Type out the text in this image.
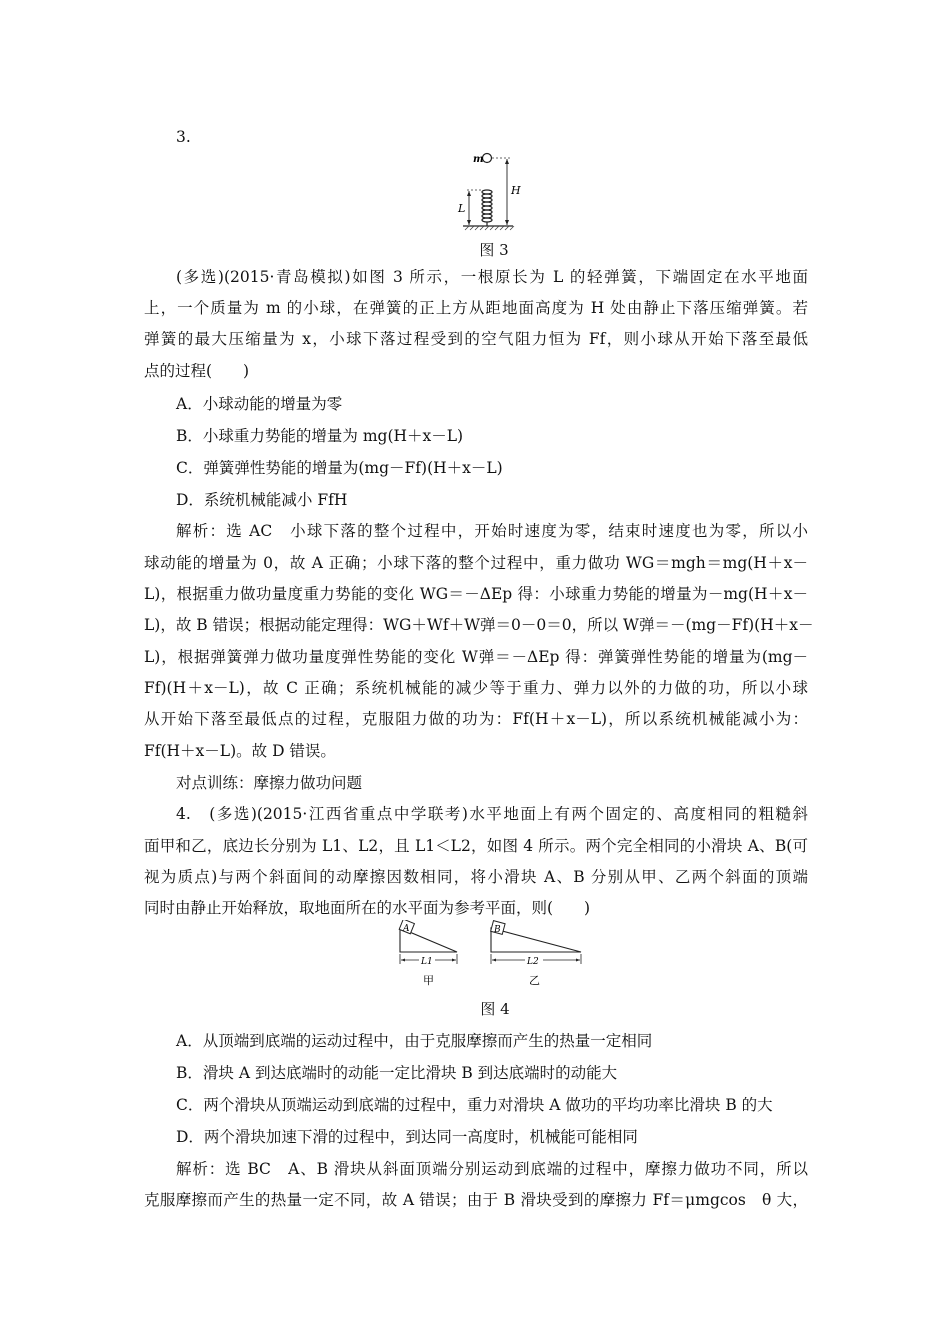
3.
m
H
L
图 3
(多选)(2015·青岛模拟)如图 3 所示，一根原长为 L 的轻弹簧，下端固定在水平地面
上，一个质量为 m 的小球，在弹簧的正上方从距地面高度为 H 处由静止下落压缩弹簧。若
弹簧的最大压缩量为 x，小球下落过程受到的空气阻力恒为 Ff，则小球从开始下落至最低
点的过程(　　)
A．小球动能的增量为零
B．小球重力势能的增量为 mg(H＋x－L)
C．弹簧弹性势能的增量为(mg－Ff)(H＋x－L)
D．系统机械能减小 FfH
解析：选 AC　小球下落的整个过程中，开始时速度为零，结束时速度也为零，所以小
球动能的增量为 0，故 A 正确；小球下落的整个过程中，重力做功 WG＝mgh＝mg(H＋x－
L)，根据重力做功量度重力势能的变化 WG＝－ΔEp 得：小球重力势能的增量为－mg(H＋x－
L)，故 B 错误；根据动能定理得：WG＋Wf＋W弹＝0－0＝0，所以 W弹＝－(mg－Ff)(H＋x－
L)，根据弹簧弹力做功量度弹性势能的变化 W弹＝－ΔEp 得：弹簧弹性势能的增量为(mg－
Ff)(H＋x－L)，故 C 正确；系统机械能的减少等于重力、弹力以外的力做的功，所以小球
从开始下落至最低点的过程，克服阻力做的功为：Ff(H＋x－L)，所以系统机械能减小为：
Ff(H＋x－L)。故 D 错误。
对点训练：摩擦力做功问题
4.　(多选)(2015·江西省重点中学联考)水平地面上有两个固定的、高度相同的粗糙斜
面甲和乙，底边长分别为 L1、L2，且 L1＜L2，如图 4 所示。两个完全相同的小滑块 A、B(可
视为质点)与两个斜面间的动摩擦因数相同，将小滑块 A、B 分别从甲、乙两个斜面的顶端
同时由静止开始释放，取地面所在的水平面为参考平面，则(　　)
A	B
L1	L2
甲	乙
图 4
A．从顶端到底端的运动过程中，由于克服摩擦而产生的热量一定相同
B．滑块 A 到达底端时的动能一定比滑块 B 到达底端时的动能大
C．两个滑块从顶端运动到底端的过程中，重力对滑块 A 做功的平均功率比滑块 B 的大
D．两个滑块加速下滑的过程中，到达同一高度时，机械能可能相同
解析：选 BC　A、B 滑块从斜面顶端分别运动到底端的过程中，摩擦力做功不同，所以
克服摩擦而产生的热量一定不同，故 A 错误；由于 B 滑块受到的摩擦力 Ff＝μmgcos　θ 大，
